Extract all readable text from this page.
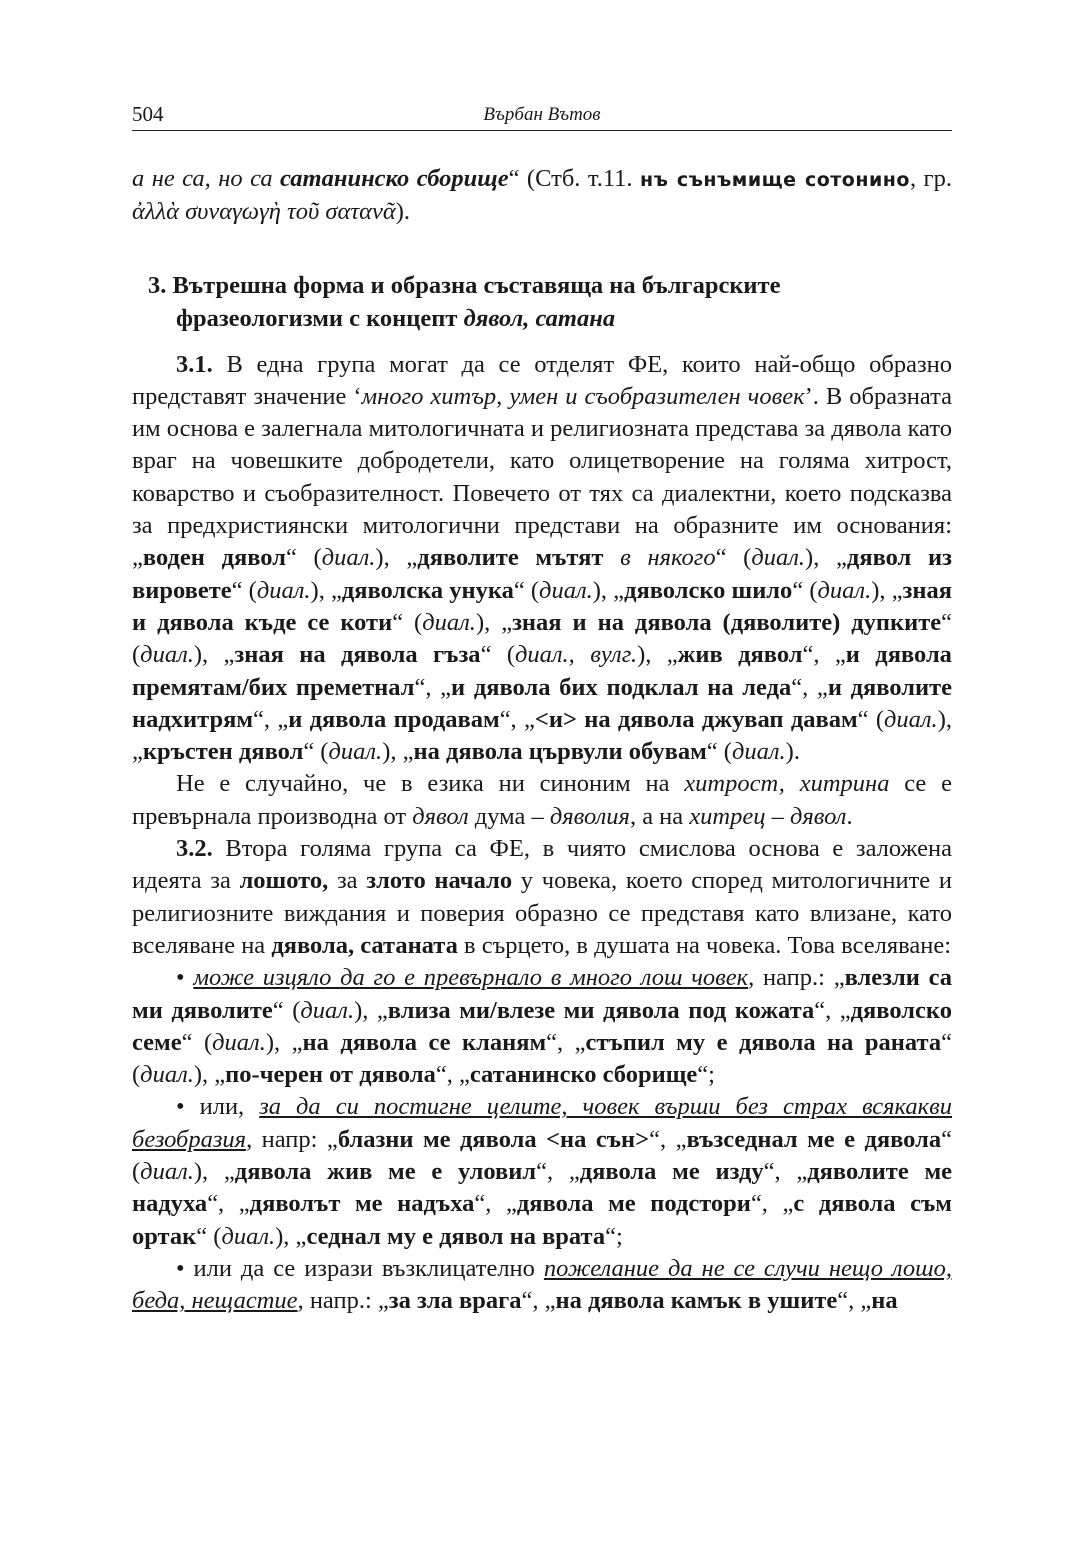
504	Върбан Вътов

а не са, но са сатанинско сборище“ (Стб. т.11. нъ сънъмище сотонино, гр. ἀλλὰ συναγωγὴ τοῦ σατανᾶ).

3. Вътрешна форма и образна съставяща на българските фразеологизми с концепт дявол, сатана

3.1. В една група могат да се отделят ФЕ, които най-общо образно представят значение ‘много хитър, умен и съобразителен човек’. В образната им основа е залегнала митологичната и религиозната представа за дявола като враг на човешките добродетели, като олицетворение на голяма хитрост, коварство и съобразителност. Повечето от тях са диалектни, което подсказва за предхристиянски митологични представи на образните им основания: „воден дявол“ (диал.), „дяволите мътят в някого“ (диал.), „дявол из вировете“ (диал.), „дяволска унука“ (диал.), „дяволско шило“ (диал.), „зная и дявола къде се коти“ (диал.), „зная и на дявола (дяволите) дупките“ (диал.), „зная на дявола гъза“ (диал., вулг.), „жив дявол“, „и дявола премятам/бих преметнал“, „и дявола бих подклал на леда“, „и дяволите надхитрям“, „и дявола продавам“, „<и> на дявола джувап давам“ (диал.), „кръстен дявол“ (диал.), „на дявола цървули обувам“ (диал.).

Не е случайно, че в езика ни синоним на хитрост, хитрина се е превърнала производна от дявол дума – дяволия, а на хитрец – дявол.

3.2. Втора голяма група са ФЕ, в чиято смислова основа е заложена идеята за лошото, за злото начало у човека, което според митологичните и религиозните виждания и поверия образно се представя като влизане, като вселяване на дявола, сатаната в сърцето, в душата на човека. Това вселяване:

• може изцяло да го е превърнало в много лош човек, напр.: „влезли са ми дяволите“ (диал.), „влиза ми/влезе ми дявола под кожата“, „дяволско семе“ (диал.), „на дявола се кланям“, „стъпил му е дявола на раната“ (диал.), „по-черен от дявола“, „сатанинско сборище“;

• или, за да си постигне целите, човек върши без страх всякакви безобразия, напр: „блазни ме дявола <на сън>“, „възседнал ме е дявола“ (диал.), „дявола жив ме е уловил“, „дявола ме изду“, „дяволите ме надуха“, „дяволът ме надъха“, „дявола ме подстори“, „с дявола съм ортак“ (диал.), „седнал му е дявол на врата“;

• или да се изрази възклицателно пожелание да не се случи нещо лошо, беда, нещастие, напр.: „за зла врага“, „на дявола камък в ушите“, „на
